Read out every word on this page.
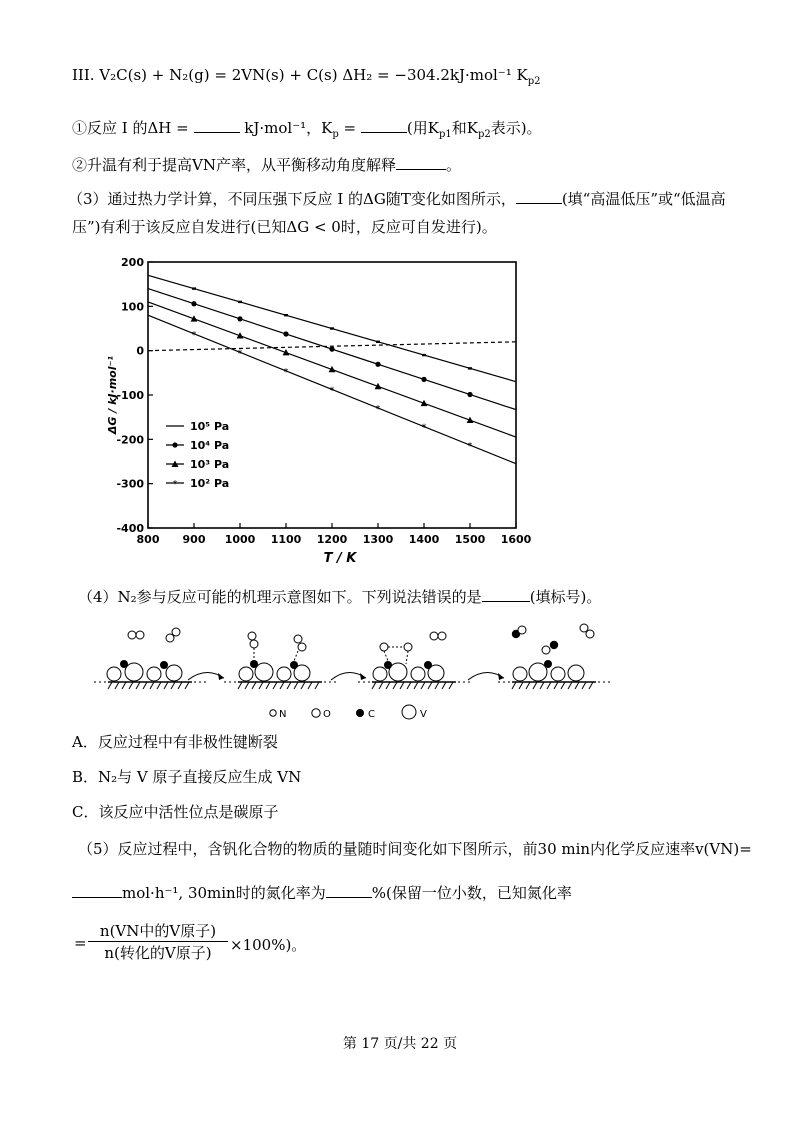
III. V₂C(s) + N₂(g) = 2VN(s) + C(s) ΔH₂ = −304.2kJ·mol⁻¹ $K_{p2}$
①反应 I 的ΔH =	kJ·mol⁻¹，$K_p$ =	(用$K_{p1}$和$K_{p2}$表示)。
②升温有利于提高VN产率，从平衡移动角度解释	。
（3）通过热力学计算，不同压强下反应 I 的ΔG随T变化如图所示，	(填“高温低压”或“低温高
压”)有利于该反应自发进行(已知ΔG < 0时，反应可自发进行)。
200
100
0
-100
-200
-300
-400
800 900 1000 1100 1200 1300 1400 1500 1600
T / K
ΔG / kJ·mol⁻¹
*
*
*
*
*
*
*
10⁵ Pa
10⁴ Pa
10³ Pa
* 10² Pa
（4）N₂参与反应可能的机理示意图如下。下列说法错误的是	(填标号)。
N	O	C	V
A．反应过程中有非极性键断裂
B．N₂与 V 原子直接反应生成 VN
C．该反应中活性位点是碳原子
（5）反应过程中，含钒化合物的物质的量随时间变化如下图所示，前30 min内化学反应速率v(VN)=
mol·h⁻¹, 30min时的氮化率为	%(保留一位小数，已知氮化率
=
n(VN中的V原子)
n(转化的V原子)	×100%)。
第 17 页/共 22 页
